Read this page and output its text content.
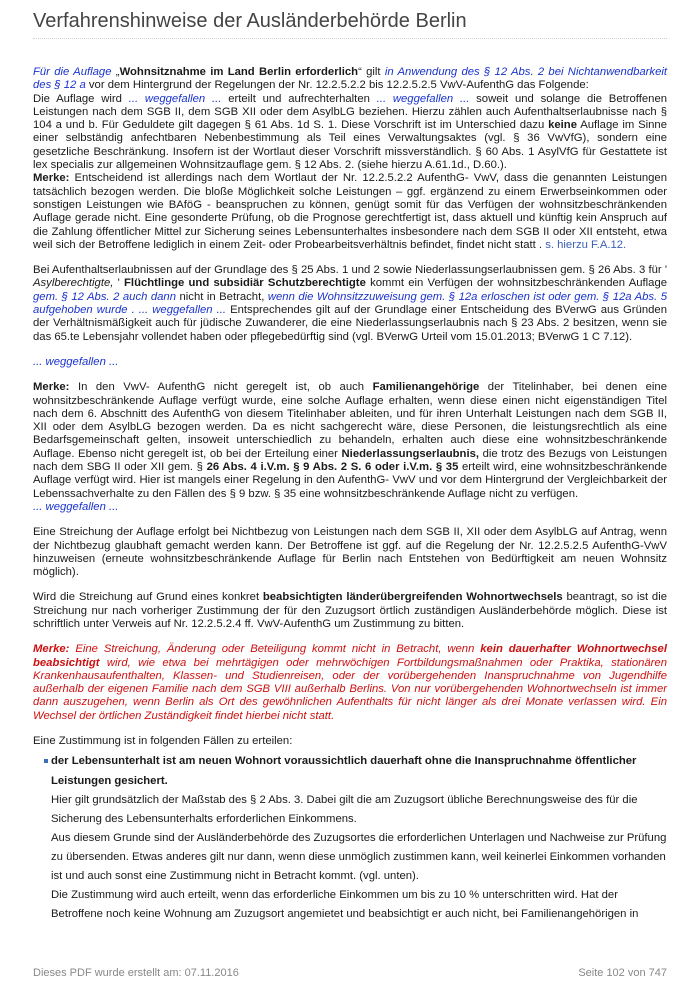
Verfahrenshinweise der Ausländerbehörde Berlin

Für die Auflage „Wohnsitznahme im Land Berlin erforderlich“ gilt in Anwendung des § 12 Abs. 2 bei Nichtanwendbarkeit des § 12 a vor dem Hintergrund der Regelungen der Nr. 12.2.5.2.2 bis 12.2.5.2.5 VwV-AufenthG das Folgende:
Die Auflage wird ... weggefallen ... erteilt und aufrechterhalten ... weggefallen ... soweit und solange die Betroffenen Leistungen nach dem SGB II, dem SGB XII oder dem AsylbLG beziehen. Hierzu zählen auch Aufenthaltserlaubnisse nach § 104 a und b. Für Geduldete gilt dagegen § 61 Abs. 1d S. 1. Diese Vorschrift ist im Unterschied dazu keine Auflage im Sinne einer selbständig anfechtbaren Nebenbestimmung als Teil eines Verwaltungsaktes (vgl. § 36 VwVfG), sondern eine gesetzliche Beschränkung. Insofern ist der Wortlaut dieser Vorschrift missverständlich. § 60 Abs. 1 AsylVfG für Gestattete ist lex specialis zur allgemeinen Wohnsitzauflage gem. § 12 Abs. 2. (siehe hierzu A.61.1d., D.60.).
Merke: Entscheidend ist allerdings nach dem Wortlaut der Nr. 12.2.5.2.2 AufenthG- VwV, dass die genannten Leistungen tatsächlich bezogen werden. Die bloße Möglichkeit solche Leistungen – ggf. ergänzend zu einem Erwerbseinkommen oder sonstigen Leistungen wie BAföG - beanspruchen zu können, genügt somit für das Verfügen der wohnsitzbeschränkenden Auflage gerade nicht. Eine gesonderte Prüfung, ob die Prognose gerechtfertigt ist, dass aktuell und künftig kein Anspruch auf die Zahlung öffentlicher Mittel zur Sicherung seines Lebensunterhaltes insbesondere nach dem SGB II oder XII entsteht, etwa weil sich der Betroffene lediglich in einem Zeit- oder Probearbeitsverhältnis befindet, findet nicht statt . s. hierzu F.A.12.

Bei Aufenthaltserlaubnissen auf der Grundlage des § 25 Abs. 1 und 2 sowie Niederlassungserlaubnissen gem. § 26 Abs. 3 für ' Asylberechtigte, ' Flüchtlinge und subsidiär Schutzberechtigte kommt ein Verfügen der wohnsitzbeschränkenden Auflage gem. § 12 Abs. 2 auch dann nicht in Betracht, wenn die Wohnsitzzuweisung gem. § 12a erloschen ist oder gem. § 12a Abs. 5 aufgehoben wurde . ... weggefallen ... Entsprechendes gilt auf der Grundlage einer Entscheidung des BVerwG aus Gründen der Verhältnismäßigkeit auch für jüdische Zuwanderer, die eine Niederlassungserlaubnis nach § 23 Abs. 2 besitzen, wenn sie das 65.te Lebensjahr vollendet haben oder pflegebedürftig sind (vgl. BVerwG Urteil vom 15.01.2013; BVerwG 1 C 7.12).

... weggefallen ...

Merke: In den VwV- AufenthG nicht geregelt ist, ob auch Familienangehörige der Titelinhaber, bei denen eine wohnsitzbeschränkende Auflage verfügt wurde, eine solche Auflage erhalten, wenn diese einen nicht eigenständigen Titel nach dem 6. Abschnitt des AufenthG von diesem Titelinhaber ableiten, und für ihren Unterhalt Leistungen nach dem SGB II, XII oder dem AsylbLG bezogen werden. Da es nicht sachgerecht wäre, diese Personen, die leistungsrechtlich als eine Bedarfsgemeinschaft gelten, insoweit unterschiedlich zu behandeln, erhalten auch diese eine wohnsitzbeschränkende Auflage. Ebenso nicht geregelt ist, ob bei der Erteilung einer Niederlassungserlaubnis, die trotz des Bezugs von Leistungen nach dem SBG II oder XII gem. § 26 Abs. 4 i.V.m. § 9 Abs. 2 S. 6 oder i.V.m. § 35 erteilt wird, eine wohnsitzbeschränkende Auflage verfügt wird. Hier ist mangels einer Regelung in den AufenthG- VwV und vor dem Hintergrund der Vergleichbarkeit der Lebenssachverhalte zu den Fällen des § 9 bzw. § 35 eine wohnsitzbeschränkende Auflage nicht zu verfügen.
... weggefallen ...

Eine Streichung der Auflage erfolgt bei Nichtbezug von Leistungen nach dem SGB II, XII oder dem AsylbLG auf Antrag, wenn der Nichtbezug glaubhaft gemacht werden kann. Der Betroffene ist ggf. auf die Regelung der Nr. 12.2.5.2.5 AufenthG-VwV hinzuweisen (erneute wohnsitzbeschränkende Auflage für Berlin nach Entstehen von Bedürftigkeit am neuen Wohnsitz möglich).

Wird die Streichung auf Grund eines konkret beabsichtigten länderübergreifenden Wohnortwechsels beantragt, so ist die Streichung nur nach vorheriger Zustimmung der für den Zuzugsort örtlich zuständigen Ausländerbehörde möglich. Diese ist schriftlich unter Verweis auf Nr. 12.2.5.2.4 ff. VwV-AufenthG um Zustimmung zu bitten.

Merke: Eine Streichung, Änderung oder Beteiligung kommt nicht in Betracht, wenn kein dauerhafter Wohnortwechsel beabsichtigt wird, wie etwa bei mehrtägigen oder mehrwöchigen Fortbildungsmaßnahmen oder Praktika, stationären Krankenhausaufenthalten, Klassen- und Studienreisen, oder der vorübergehenden Inanspruchnahme von Jugendhilfe außerhalb der eigenen Familie nach dem SGB VIII außerhalb Berlins. Von nur vorübergehenden Wohnortwechseln ist immer dann auszugehen, wenn Berlin als Ort des gewöhnlichen Aufenthalts für nicht länger als drei Monate verlassen wird. Ein Wechsel der örtlichen Zuständigkeit findet hierbei nicht statt.

Eine Zustimmung ist in folgenden Fällen zu erteilen:

der Lebensunterhalt ist am neuen Wohnort voraussichtlich dauerhaft ohne die Inanspruchnahme öffentlicher Leistungen gesichert.

Hier gilt grundsätzlich der Maßstab des § 2 Abs. 3. Dabei gilt die am Zuzugsort übliche Berechnungsweise des für die Sicherung des Lebensunterhalts erforderlichen Einkommens.

Aus diesem Grunde sind der Ausländerbehörde des Zuzugsortes die erforderlichen Unterlagen und Nachweise zur Prüfung zu übersenden. Etwas anderes gilt nur dann, wenn diese unmöglich zustimmen kann, weil keinerlei Einkommen vorhanden ist und auch sonst eine Zustimmung nicht in Betracht kommt. (vgl. unten).

Die Zustimmung wird auch erteilt, wenn das erforderliche Einkommen um bis zu 10 % unterschritten wird. Hat der Betroffene noch keine Wohnung am Zuzugsort angemietet und beabsichtigt er auch nicht, bei Familienangehörigen in

Dieses PDF wurde erstellt am: 07.11.2016	Seite 102 von 747
